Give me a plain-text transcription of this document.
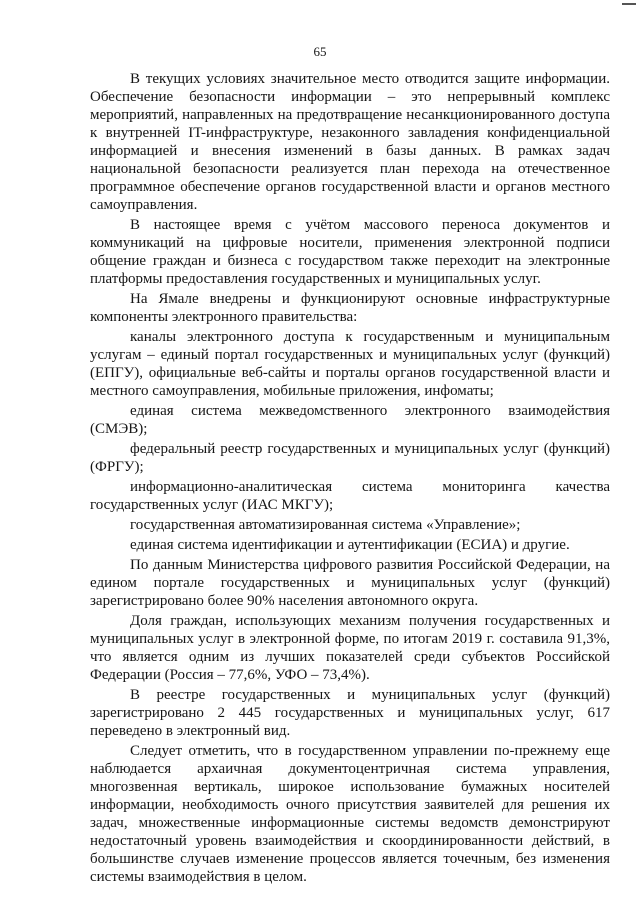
65

В текущих условиях значительное место отводится защите информации. Обеспечение безопасности информации – это непрерывный комплекс мероприятий, направленных на предотвращение несанкционированного доступа к внутренней IT-инфраструктуре, незаконного завладения конфиденциальной информацией и внесения изменений в базы данных. В рамках задач национальной безопасности реализуется план перехода на отечественное программное обеспечение органов государственной власти и органов местного самоуправления.

В настоящее время с учётом массового переноса документов и коммуникаций на цифровые носители, применения электронной подписи общение граждан и бизнеса с государством также переходит на электронные платформы предоставления государственных и муниципальных услуг.

На Ямале внедрены и функционируют основные инфраструктурные компоненты электронного правительства:

каналы электронного доступа к государственным и муниципальным услугам – единый портал государственных и муниципальных услуг (функций) (ЕПГУ), официальные веб-сайты и порталы органов государственной власти и местного самоуправления, мобильные приложения, инфоматы;

единая система межведомственного электронного взаимодействия (СМЭВ);

федеральный реестр государственных и муниципальных услуг (функций) (ФРГУ);

информационно-аналитическая система мониторинга качества государственных услуг (ИАС МКГУ);

государственная автоматизированная система «Управление»;

единая система идентификации и аутентификации (ЕСИА) и другие.

По данным Министерства цифрового развития Российской Федерации, на едином портале государственных и муниципальных услуг (функций) зарегистрировано более 90% населения автономного округа.

Доля граждан, использующих механизм получения государственных и муниципальных услуг в электронной форме, по итогам 2019 г. составила 91,3%, что является одним из лучших показателей среди субъектов Российской Федерации (Россия – 77,6%, УФО – 73,4%).

В реестре государственных и муниципальных услуг (функций) зарегистрировано 2 445 государственных и муниципальных услуг, 617 переведено в электронный вид.

Следует отметить, что в государственном управлении по-прежнему еще наблюдается архаичная документоцентричная система управления, многозвенная вертикаль, широкое использование бумажных носителей информации, необходимость очного присутствия заявителей для решения их задач, множественные информационные системы ведомств демонстрируют недостаточный уровень взаимодействия и скоординированности действий, в большинстве случаев изменение процессов является точечным, без изменения системы взаимодействия в целом.
